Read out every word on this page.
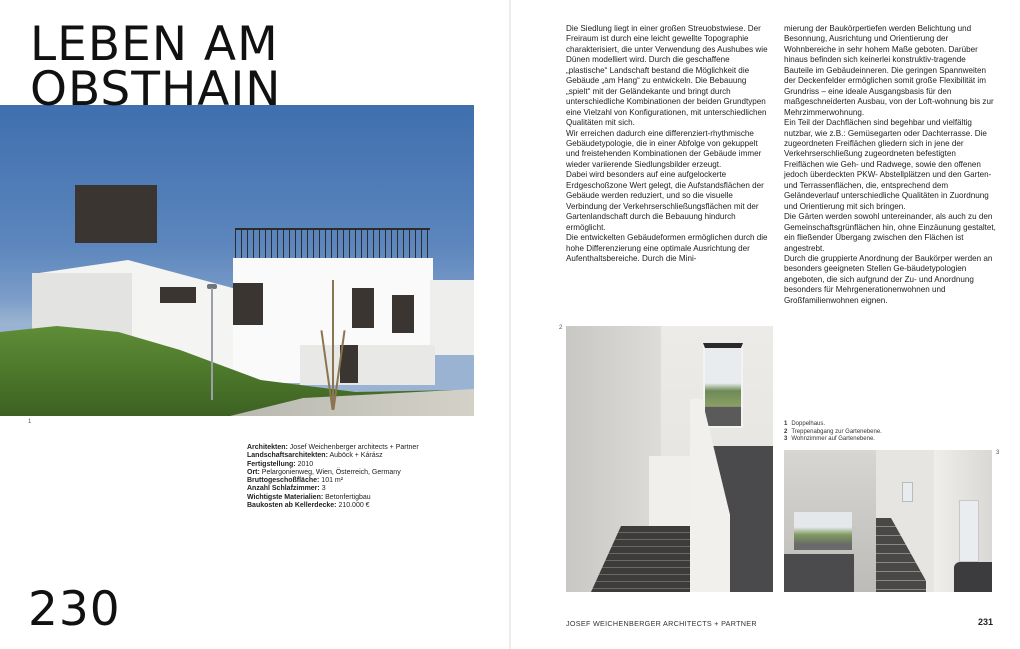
LEBEN AM
OBSTHAIN
1
Architekten: Josef Weichenberger architects + Partner
Landschaftsarchitekten: Auböck + Kárász
Fertigstellung: 2010
Ort: Pelargonienweg, Wien, Österreich, Germany
Bruttogeschoßfläche: 101 m²
Anzahl Schlafzimmer: 3
Wichtigste Materialien: Betonfertigbau
Baukosten ab Kellerdecke: 210.000 €
230

Die Siedlung liegt in einer großen Streuobstwiese. Der Freiraum ist durch eine leicht gewellte Topographie charakterisiert, die unter Verwendung des Aushubes wie Dünen modelliert wird. Durch die geschaffene „plastische“ Landschaft bestand die Möglichkeit die Gebäude „am Hang“ zu entwickeln. Die Bebauung „spielt“ mit der Geländekante und bringt durch unterschiedliche Kombinationen der beiden Grundtypen eine Vielzahl von Konfigurationen, mit unterschiedlichen Qualitäten mit sich.

Wir erreichen dadurch eine differenziert-rhythmische Gebäudetypologie, die in einer Abfolge von gekuppelt und freistehenden Kombinationen der Gebäude immer wieder variierende Siedlungsbilder erzeugt.

Dabei wird besonders auf eine aufgelockerte Erdgeschoßzone Wert gelegt, die Aufstandsflächen der Gebäude werden reduziert, und so die visuelle Verbindung der Verkehrserschließungsflächen mit der Gartenlandschaft durch die Bebauung hindurch ermöglicht.

Die entwickelten Gebäudeformen ermöglichen durch die hohe Differenzierung eine optimale Ausrichtung der Aufenthaltsbereiche. Durch die Mini-

mierung der Baukörpertiefen werden Belichtung und Besonnung, Ausrichtung und Orientierung der Wohnbereiche in sehr hohem Maße geboten. Darüber hinaus befinden sich keinerlei konstruktiv-tragende Bauteile im Gebäudeinneren. Die geringen Spannweiten der Deckenfelder ermöglichen somit große Flexibilität im Grundriss – eine ideale Ausgangsbasis für den maßgeschneiderten Ausbau, von der Loft-wohnung bis zur Mehrzimmerwohnung.

Ein Teil der Dachflächen sind begehbar und vielfältig nutzbar, wie z.B.: Gemüsegarten oder Dachterrasse. Die zugeordneten Freiflächen gliedern sich in jene der Verkehrserschließung zugeordneten befestigten Freiflächen wie Geh- und Radwege, sowie den offenen jedoch überdeckten PKW- Abstellplätzen und den Garten- und Terrassenflächen, die, entsprechend dem Geländeverlauf unterschiedliche Qualitäten in Zuordnung und Orientierung mit sich bringen.

Die Gärten werden sowohl untereinander, als auch zu den Gemeinschaftsgrünflächen hin, ohne Einzäunung gestaltet, ein fließender Übergang zwischen den Flächen ist angestrebt.

Durch die gruppierte Anordnung der Baukörper werden an besonders geeigneten Stellen Ge-bäudetypologien angeboten, die sich aufgrund der Zu- und Anordnung besonders für Mehrgenerationenwohnen und Großfamilienwohnen eignen.

2
1 Doppelhaus.
2 Treppenabgang zur Gartenebene.
3 Wohnzimmer auf Gartenebene.
3
JOSEF WEICHENBERGER ARCHITECTS + PARTNER	231
